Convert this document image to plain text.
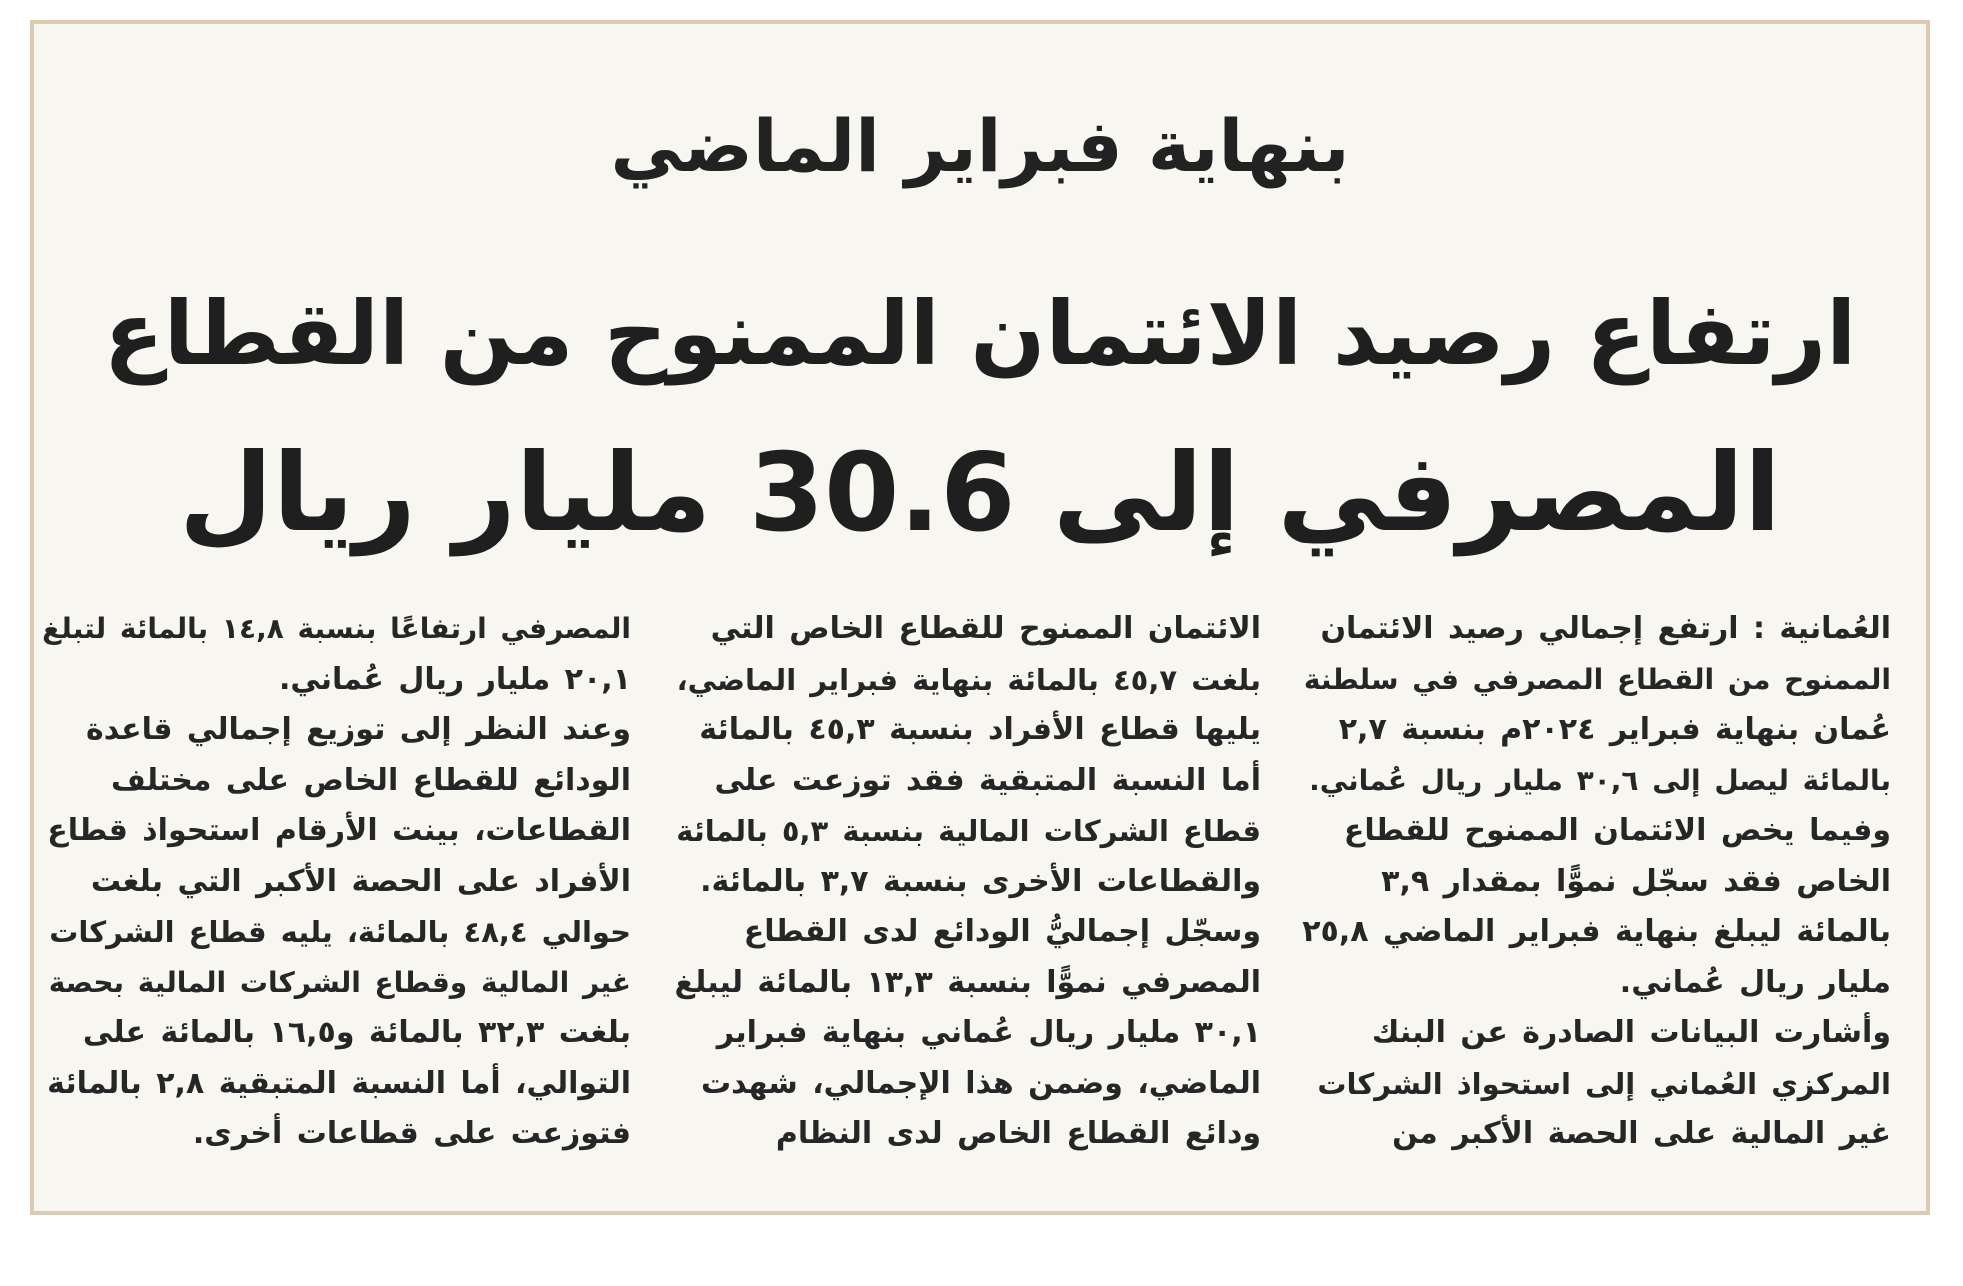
بنهاية فبراير الماضي
ارتفاع رصيد الائتمان الممنوح من القطاع
المصرفي إلى 30.6 مليار ريال
العُمانية : ارتفع إجمالي رصيد الائتمان
الممنوح من القطاع المصرفي في سلطنة
عُمان بنهاية فبراير ٢٠٢٤م بنسبة ٢,٧
بالمائة ليصل إلى ٣٠,٦ مليار ريال عُماني.
وفيما يخص الائتمان الممنوح للقطاع
الخاص فقد سجّل نموًّا بمقدار ٣,٩
بالمائة ليبلغ بنهاية فبراير الماضي ٢٥,٨
مليار ريال عُماني.
وأشارت البيانات الصادرة عن البنك
المركزي العُماني إلى استحواذ الشركات
غير المالية على الحصة الأكبر من
الائتمان الممنوح للقطاع الخاص التي
بلغت ٤٥,٧ بالمائة بنهاية فبراير الماضي،
يليها قطاع الأفراد بنسبة ٤٥,٣ بالمائة
أما النسبة المتبقية فقد توزعت على
قطاع الشركات المالية بنسبة ٥,٣ بالمائة
والقطاعات الأخرى بنسبة ٣,٧ بالمائة.
وسجّل إجماليُّ الودائع لدى القطاع
المصرفي نموًّا بنسبة ١٣,٣ بالمائة ليبلغ
٣٠,١ مليار ريال عُماني بنهاية فبراير
الماضي، وضمن هذا الإجمالي، شهدت
ودائع القطاع الخاص لدى النظام
المصرفي ارتفاعًا بنسبة ١٤,٨ بالمائة لتبلغ
٢٠,١ مليار ريال عُماني.
وعند النظر إلى توزيع إجمالي قاعدة
الودائع للقطاع الخاص على مختلف
القطاعات، بينت الأرقام استحواذ قطاع
الأفراد على الحصة الأكبر التي بلغت
حوالي ٤٨,٤ بالمائة، يليه قطاع الشركات
غير المالية وقطاع الشركات المالية بحصة
بلغت ٣٢,٣ بالمائة و١٦,٥ بالمائة على
التوالي، أما النسبة المتبقية ٢,٨ بالمائة
فتوزعت على قطاعات أخرى.
